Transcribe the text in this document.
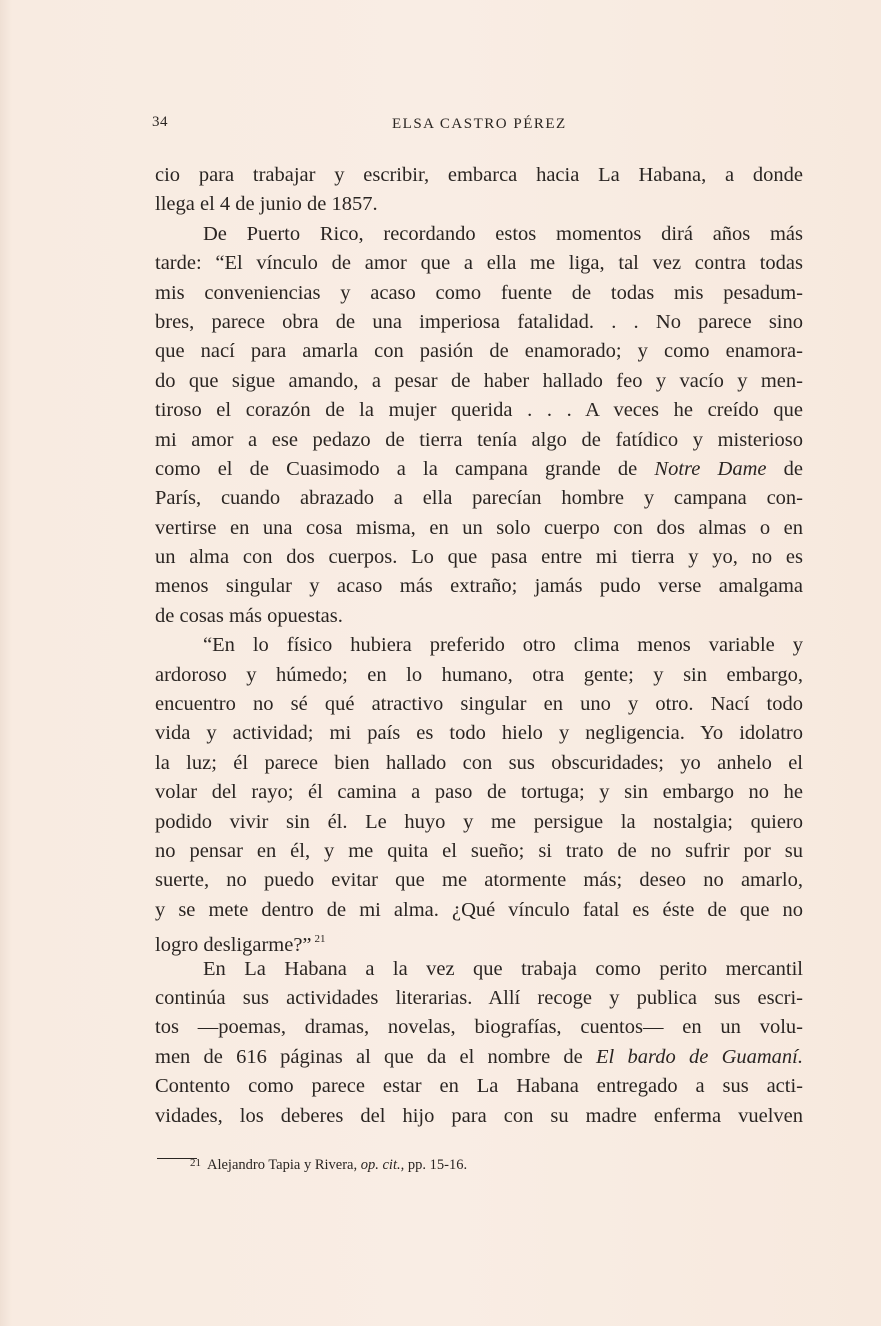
34	ELSA CASTRO PÉREZ
cio para trabajar y escribir, embarca hacia La Habana, a donde
llega el 4 de junio de 1857.
De Puerto Rico, recordando estos momentos dirá años más
tarde: “El vínculo de amor que a ella me liga, tal vez contra todas
mis conveniencias y acaso como fuente de todas mis pesadum-
bres, parece obra de una imperiosa fatalidad. . . No parece sino
que nací para amarla con pasión de enamorado; y como enamora-
do que sigue amando, a pesar de haber hallado feo y vacío y men-
tiroso el corazón de la mujer querida . . . A veces he creído que
mi amor a ese pedazo de tierra tenía algo de fatídico y misterioso
como el de Cuasimodo a la campana grande de Notre Dame de
París, cuando abrazado a ella parecían hombre y campana con-
vertirse en una cosa misma, en un solo cuerpo con dos almas o en
un alma con dos cuerpos. Lo que pasa entre mi tierra y yo, no es
menos singular y acaso más extraño; jamás pudo verse amalgama
de cosas más opuestas.
“En lo físico hubiera preferido otro clima menos variable y
ardoroso y húmedo; en lo humano, otra gente; y sin embargo,
encuentro no sé qué atractivo singular en uno y otro. Nací todo
vida y actividad; mi país es todo hielo y negligencia. Yo idolatro
la luz; él parece bien hallado con sus obscuridades; yo anhelo el
volar del rayo; él camina a paso de tortuga; y sin embargo no he
podido vivir sin él. Le huyo y me persigue la nostalgia; quiero
no pensar en él, y me quita el sueño; si trato de no sufrir por su
suerte, no puedo evitar que me atormente más; deseo no amarlo,
y se mete dentro de mi alma. ¿Qué vínculo fatal es éste de que no
logro desligarme?” $^{21}$
En La Habana a la vez que trabaja como perito mercantil
continúa sus actividades literarias. Allí recoge y publica sus escri-
tos —poemas, dramas, novelas, biografías, cuentos— en un volu-
men de 616 páginas al que da el nombre de El bardo de Guamaní.
Contento como parece estar en La Habana entregado a sus acti-
vidades, los deberes del hijo para con su madre enferma vuelven
$^{21}$ Alejandro Tapia y Rivera, op. cit., pp. 15-16.
